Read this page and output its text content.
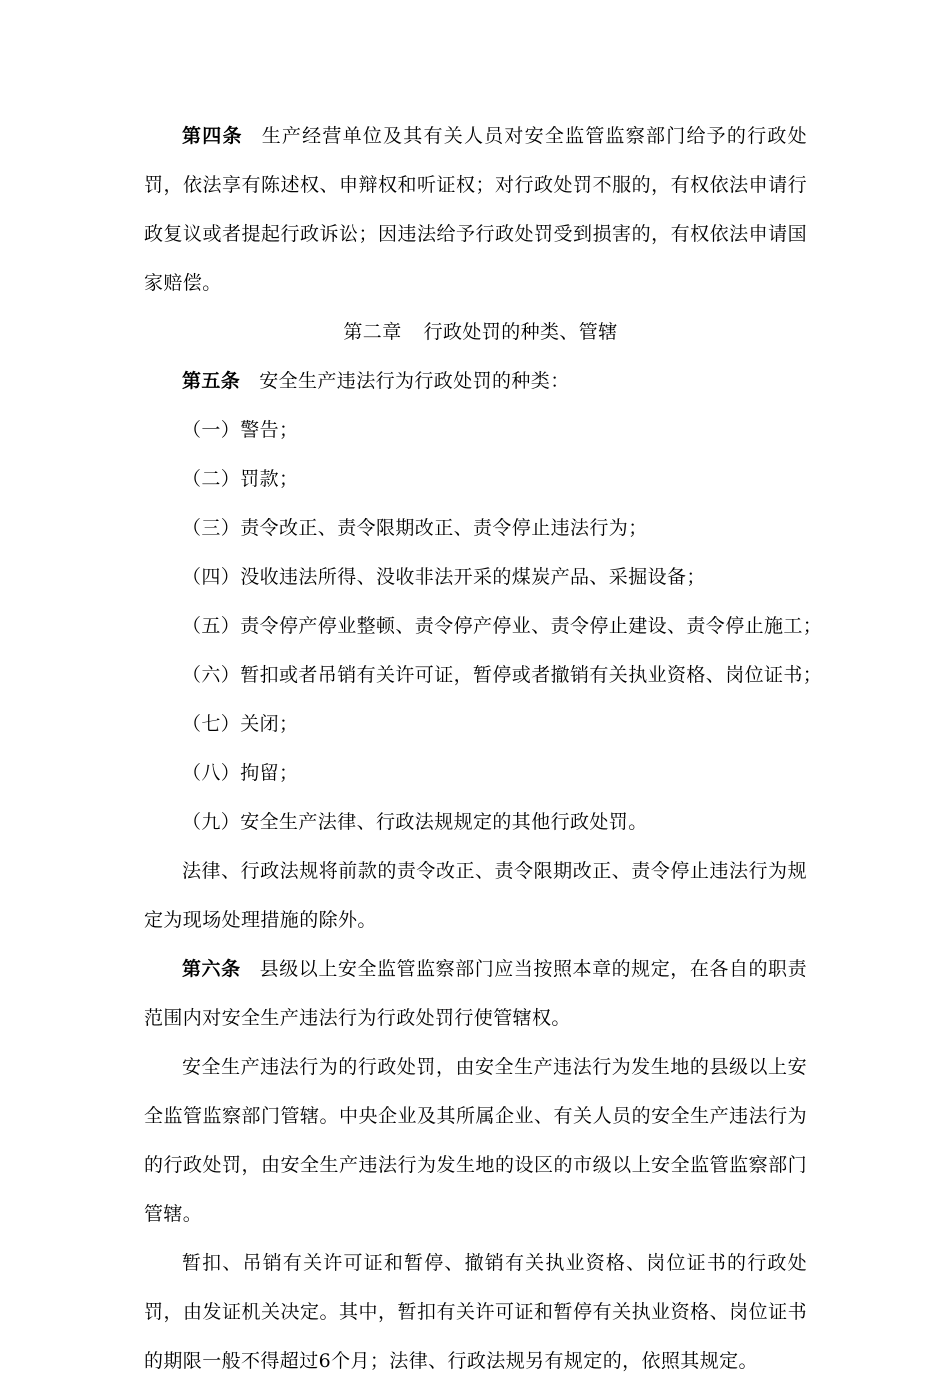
第四条 生产经营单位及其有关人员对安全监管监察部门给予的行政处罚，依法享有陈述权、申辩权和听证权；对行政处罚不服的，有权依法申请行政复议或者提起行政诉讼；因违法给予行政处罚受到损害的，有权依法申请国家赔偿。

第二章 行政处罚的种类、管辖

第五条 安全生产违法行为行政处罚的种类：

（一）警告；

（二）罚款；

（三）责令改正、责令限期改正、责令停止违法行为；

（四）没收违法所得、没收非法开采的煤炭产品、采掘设备；

（五）责令停产停业整顿、责令停产停业、责令停止建设、责令停止施工；

（六）暂扣或者吊销有关许可证，暂停或者撤销有关执业资格、岗位证书；

（七）关闭；

（八）拘留；

（九）安全生产法律、行政法规规定的其他行政处罚。

法律、行政法规将前款的责令改正、责令限期改正、责令停止违法行为规定为现场处理措施的除外。

第六条 县级以上安全监管监察部门应当按照本章的规定，在各自的职责范围内对安全生产违法行为行政处罚行使管辖权。

安全生产违法行为的行政处罚，由安全生产违法行为发生地的县级以上安全监管监察部门管辖。中央企业及其所属企业、有关人员的安全生产违法行为的行政处罚，由安全生产违法行为发生地的设区的市级以上安全监管监察部门管辖。

暂扣、吊销有关许可证和暂停、撤销有关执业资格、岗位证书的行政处罚，由发证机关决定。其中，暂扣有关许可证和暂停有关执业资格、岗位证书的期限一般不得超过6个月；法律、行政法规另有规定的，依照其规定。
